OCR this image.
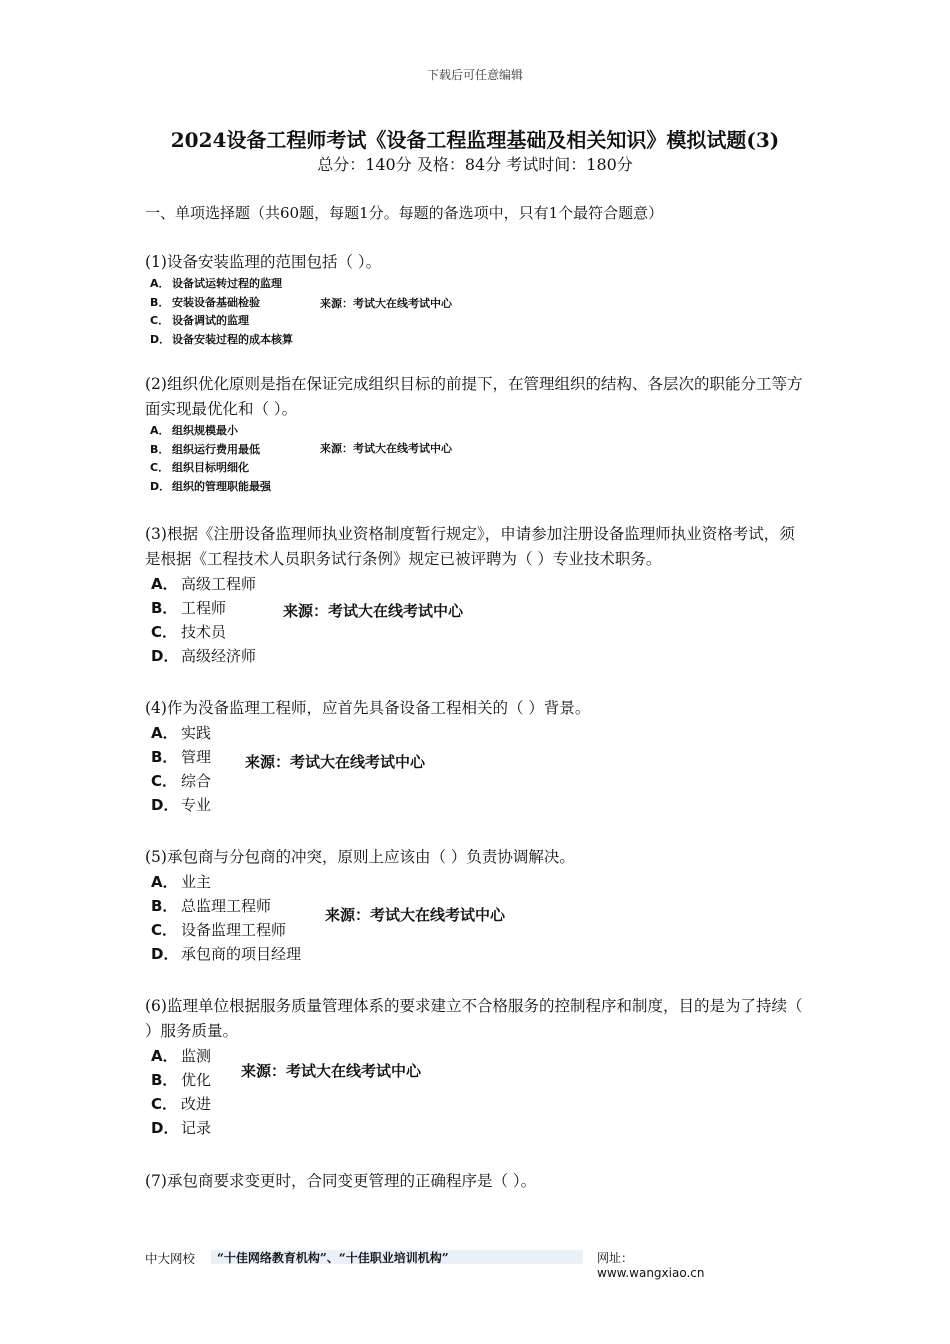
下载后可任意编辑
2024设备工程师考试《设备工程监理基础及相关知识》模拟试题(3)
总分：140分 及格：84分 考试时间：180分
一、单项选择题（共60题，每题1分。每题的备选项中，只有1个最符合题意）
(1)设备安装监理的范围包括（ ）。
A． 设备试运转过程的监理
B． 安装设备基础检验
C． 设备调试的监理
D． 设备安装过程的成本核算
来源：考试大在线考试中心
(2)组织优化原则是指在保证完成组织目标的前提下，在管理组织的结构、各层次的职能分工等方面实现最优化和（ ）。
A． 组织规模最小
B． 组织运行费用最低
C． 组织目标明细化
D． 组织的管理职能最强
来源：考试大在线考试中心
(3)根据《注册设备监理师执业资格制度暂行规定》，申请参加注册设备监理师执业资格考试，须是根据《工程技术人员职务试行条例》规定已被评聘为（ ）专业技术职务。
A． 高级工程师
B． 工程师
C． 技术员
D． 高级经济师
来源：考试大在线考试中心
(4)作为没备监理工程师，应首先具备设备工程相关的（ ）背景。
A． 实践
B． 管理
C． 综合
D． 专业
来源：考试大在线考试中心
(5)承包商与分包商的冲突，原则上应该由（ ）负责协调解决。
A． 业主
B． 总监理工程师
C． 设备监理工程师
D． 承包商的项目经理
来源：考试大在线考试中心
(6)监理单位根据服务质量管理体系的要求建立不合格服务的控制程序和制度，目的是为了持续（ ）服务质量。
A． 监测
B． 优化
C． 改进
D． 记录
来源：考试大在线考试中心
(7)承包商要求变更时，合同变更管理的正确程序是（ ）。
中大网校 “十佳网络教育机构”、“十佳职业培训机构”	网址：www.wangxiao.cn
